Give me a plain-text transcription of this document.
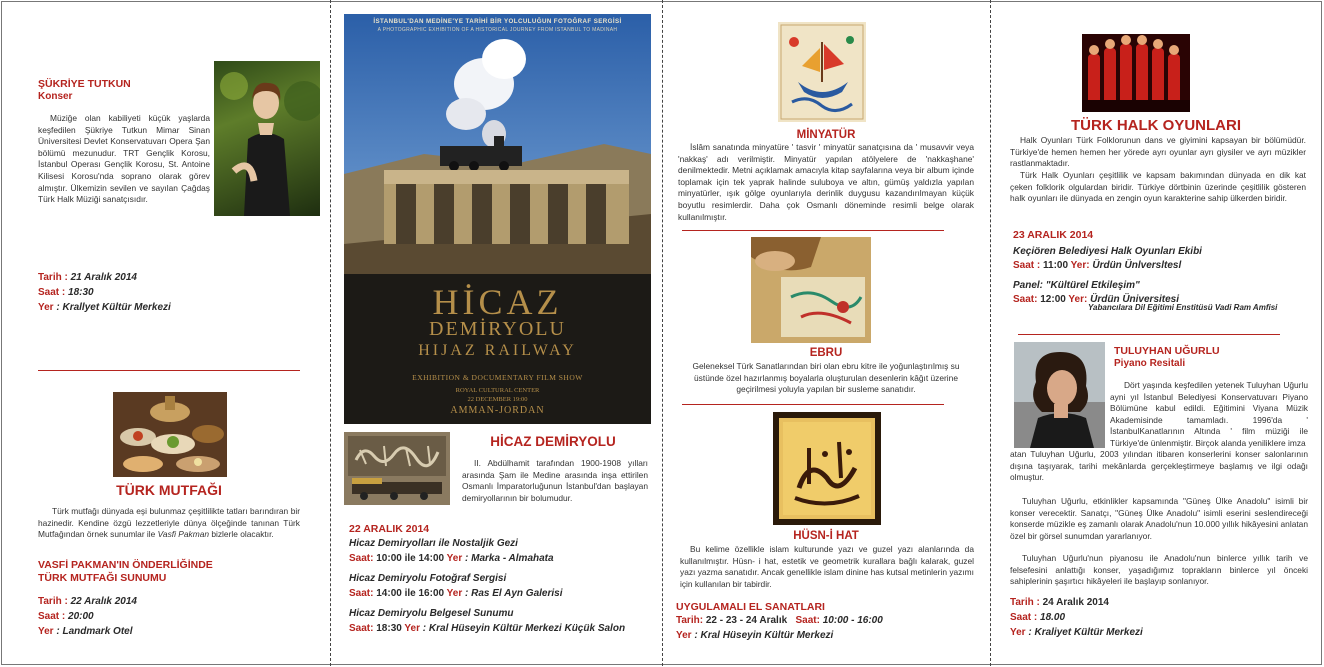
ŞÜKRİYE TUTKUN
Konser
Müziğe olan kabiliyeti küçük yaşlarda keşfedilen Şükriye Tutkun Mimar Sinan Üniversitesi Devlet Konservatuvarı Opera Şan bölümü mezunudur. TRT Gençlik Korosu, İstanbul Operası Gençlik Korosu, St. Antoine Kilisesi Korosu'nda soprano olarak görev almıştır. Ülkemizin sevilen ve sayılan Çağdaş Türk Halk Müziği sanatçısıdır.
Tarih : 21 Aralık 2014
Saat : 18:30
Yer : Krallyet Kültür Merkezi
TÜRK MUTFAĞI
Türk mutfağı dünyada eşi bulunmaz çeşitlilikte tatları barındıran bir hazinedir. Kendine özgü lezzetleriyle dünya ölçeğinde tanınan Türk Mutfağından örnek sunumlar ile Vasfi Pakman bizlerle olacaktır.
VASFİ PAKMAN'IN ÖNDERLİĞİNDE
TÜRK MUTFAĞI SUNUMU
Tarih : 22 Aralık 2014
Saat : 20:00
Yer : Landmark Otel
İSTANBUL'DAN MEDİNE'YE TARİHİ BİR YOLCULUĞUN FOTOĞRAF SERGİSİ
A PHOTOGRAPHIC EXHIBITION OF A HISTORICAL JOURNEY FROM ISTANBUL TO MADINAH
HİCAZ
DEMİRYOLU
HIJAZ RAILWAY
EXHIBITION & DOCUMENTARY FILM SHOW
ROYAL CULTURAL CENTER
22 DECEMBER 19:00
AMMAN-JORDAN
HİCAZ DEMİRYOLU
II. Abdülhamit tarafından 1900-1908 yılları arasında Şam ile Medine arasında inşa ettirilen Osmanlı İmparatorluğunun İstanbul'dan başlayan demiryollarının bir bolumudur.
22 ARALIK 2014
Hicaz Demiryolları ile Nostaljik Gezi
Saat: 10:00 ile 14:00 Yer : Marka - Almahata
Hicaz Demiryolu Fotoğraf Sergisi
Saat: 14:00 ile 16:00 Yer : Ras El Ayn Galerisi
Hicaz Demiryolu Belgesel Sunumu
Saat: 18:30 Yer : Kral Hüseyin Kültür Merkezi Küçük Salon
MİNYATÜR
İslâm sanatında minyatüre ' tasvir ' minyatür sanatçısına da ' musavvir veya 'nakkaş' adı verilmiştir. Minyatür yapılan atölyelere de 'nakkaşhane' denilmektedir. Metni açıklamak amacıyla kitap sayfalarına veya bir album içinde toplamak için tek yaprak halinde suluboya ve altın, gümüş yaldızla yapılan minyatürler, ışık gölge oyunlarıyla derinlik duygusu kazandırılmayan küçük boyutlu resimlerdir. Daha çok Osmanlı döneminde resimli belge olarak kullanılmıştır.
EBRU
Geleneksel Türk Sanatlarından biri olan ebru kitre ile yoğunlaştırılmış su üstünde özel hazırlanmış boyalarla oluşturulan desenlerin kâğıt üzerine geçirilmesi yoluyla yapılan bir susleme sanatıdır.
HÜSN-İ HAT
Bu kelime özellikle islam kulturunde yazı ve guzel yazı alanlarında da kullanılmıştır. Hüsn- i hat, estetik ve geometrik kurallara bağlı kalarak, guzel yazı yazma sanatıdır. Ancak genellikle islam dinine has kutsal metinlerin yazımı için kullanılan bir tabirdir.
UYGULAMALI EL SANATLARI
Tarih: 22 - 23 - 24 Aralık Saat: 10:00 - 16:00
Yer : Kral Hüseyin Kültür Merkezi
TÜRK HALK OYUNLARI
Halk Oyunları Türk Folklorunun dans ve giyimini kapsayan bir bölümüdür. Türkiye'de hemen hemen her yörede ayrı oyunlar ayrı giysiler ve ayrı müzikler rastlanmaktadır.
Türk Halk Oyunları çeşitlilik ve kapsam bakımından dünyada en dik kat çeken folklorik olgulardan biridir. Türkiye dörtbinin üzerinde çeşitlilik gösteren halk oyunları ile dünyada en zengin oyun karakterine sahip ülkerden biridir.
23 ARALIK 2014
Keçiören Belediyesi Halk Oyunları Ekibi
Saat : 11:00 Yer: Ürdün Ünlversltesl
Panel: "Kültürel Etkileşim"
Saat: 12:00 Yer: Ürdün Üniversitesi
Yabancılara Dil Eğitimi Enstitüsü Vadi Ram Amfisi
TULUYHAN UĞURLU
Piyano Resitali
Dört yaşında keşfedilen yetenek Tuluyhan Uğurlu ayni yıl İstanbul Belediyesi Konservatuvarı Piyano Bölümüne kabul edildi. Eğitimini Viyana Müzik Akademisinde tamamladı. 1996'da ' İstanbulKanatlarının Altında ' film müziği ile Türkiye'de ünlenmiştir. Birçok alanda yeniliklere imza
atan Tuluyhan Uğurlu, 2003 yılından itibaren konserlerini konser salonlarının dışına taşıyarak, tarihi mekânlarda gerçekleştirmeye başlamış ve ilgi odağı olmuştur.
Tuluyhan Uğurlu, etkinlikler kapsamında "Güneş Ülke Anadolu" isimli bir konser verecektir. Sanatçı, "Güneş Ülke Anadolu" isimli eserini seslendireceği konserde müzikle eş zamanlı olarak Anadolu'nun 10.000 yıllık hikâyesini anlatan özel bir görsel sunumdan yararlanıyor.
Tuluyhan Uğurlu'nun piyanosu ile Anadolu'nun binlerce yıllık tarih ve felsefesini anlattığı konser, yaşadığımız toprakların binlerce yıl önceki sahiplerinin şaşırtıcı hikâyeleri ile başlayıp sonlanıyor.
Tarih : 24 Aralık 2014
Saat : 18.00
Yer : Kraliyet Kültür Merkezi
